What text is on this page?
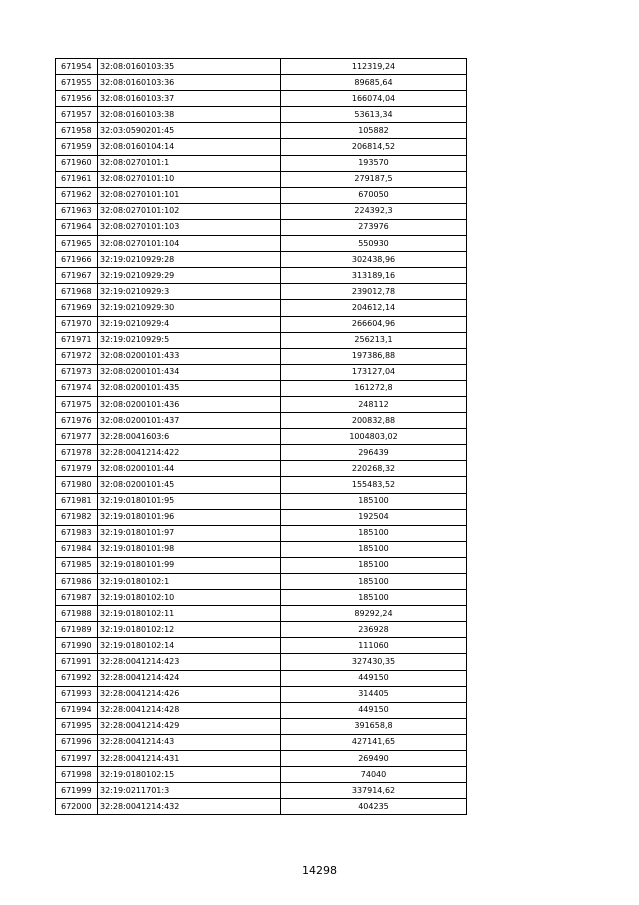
671954	32:08:0160103:35	112319,24
671955	32:08:0160103:36	89685,64
671956	32:08:0160103:37	166074,04
671957	32:08:0160103:38	53613,34
671958	32:03:0590201:45	105882
671959	32:08:0160104:14	206814,52
671960	32:08:0270101:1	193570
671961	32:08:0270101:10	279187,5
671962	32:08:0270101:101	670050
671963	32:08:0270101:102	224392,3
671964	32:08:0270101:103	273976
671965	32:08:0270101:104	550930
671966	32:19:0210929:28	302438,96
671967	32:19:0210929:29	313189,16
671968	32:19:0210929:3	239012,78
671969	32:19:0210929:30	204612,14
671970	32:19:0210929:4	266604,96
671971	32:19:0210929:5	256213,1
671972	32:08:0200101:433	197386,88
671973	32:08:0200101:434	173127,04
671974	32:08:0200101:435	161272,8
671975	32:08:0200101:436	248112
671976	32:08:0200101:437	200832,88
671977	32:28:0041603:6	1004803,02
671978	32:28:0041214:422	296439
671979	32:08:0200101:44	220268,32
671980	32:08:0200101:45	155483,52
671981	32:19:0180101:95	185100
671982	32:19:0180101:96	192504
671983	32:19:0180101:97	185100
671984	32:19:0180101:98	185100
671985	32:19:0180101:99	185100
671986	32:19:0180102:1	185100
671987	32:19:0180102:10	185100
671988	32:19:0180102:11	89292,24
671989	32:19:0180102:12	236928
671990	32:19:0180102:14	111060
671991	32:28:0041214:423	327430,35
671992	32:28:0041214:424	449150
671993	32:28:0041214:426	314405
671994	32:28:0041214:428	449150
671995	32:28:0041214:429	391658,8
671996	32:28:0041214:43	427141,65
671997	32:28:0041214:431	269490
671998	32:19:0180102:15	74040
671999	32:19:0211701:3	337914,62
672000	32:28:0041214:432	404235
14298
